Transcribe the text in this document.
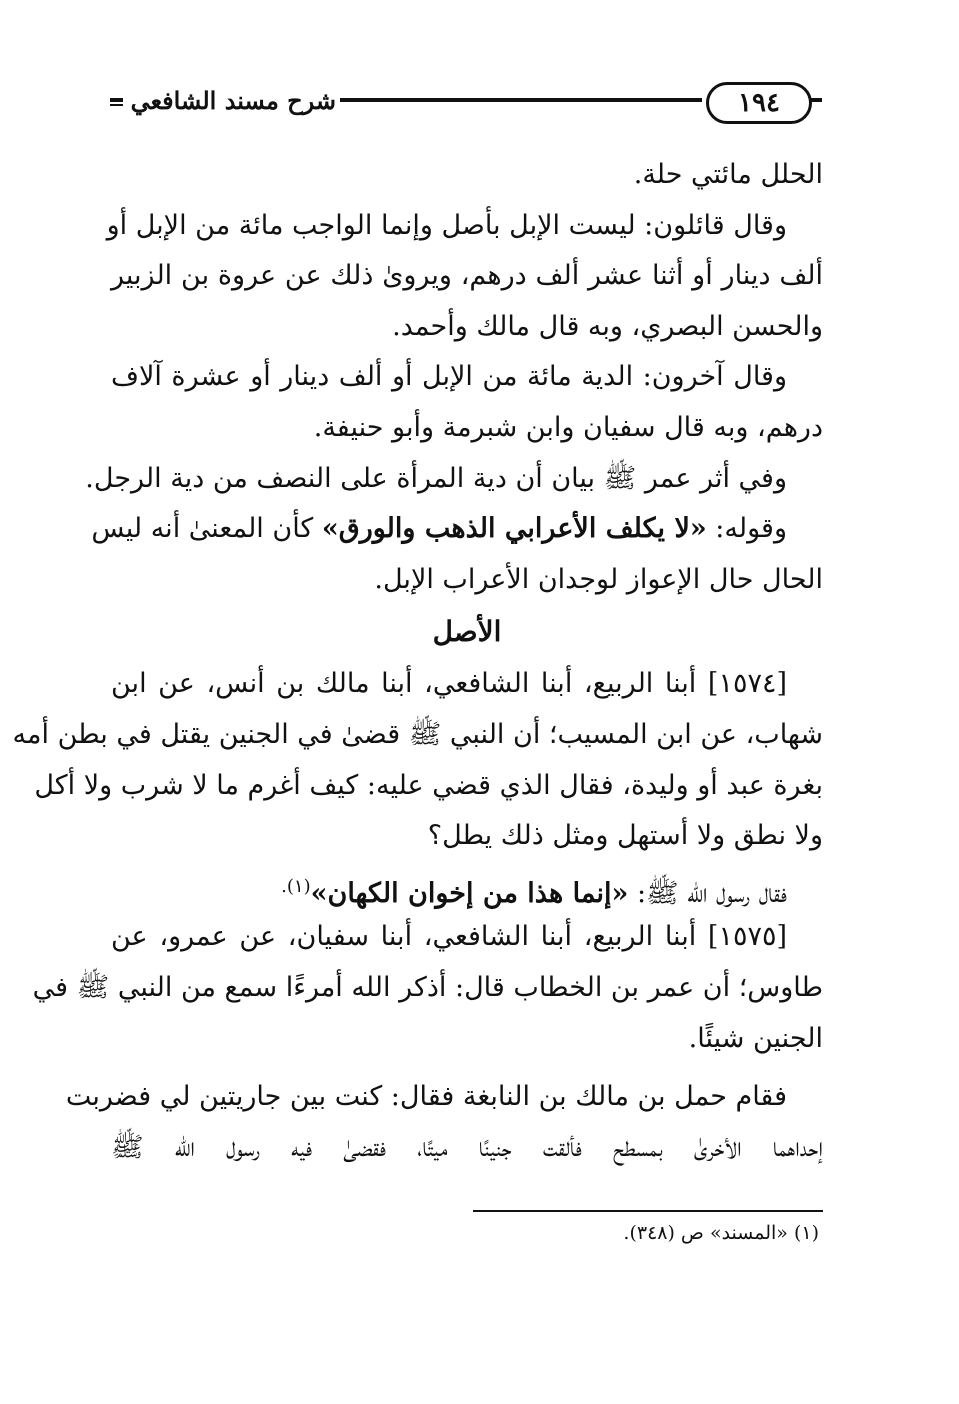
١٩٤
شرح مسند الشافعي
الحلل مائتي حلة.
وقال قائلون: ليست الإبل بأصل وإنما الواجب مائة من الإبل أو
ألف دينار أو أثنا عشر ألف درهم، ويروىٰ ذلك عن عروة بن الزبير
والحسن البصري، وبه قال مالك وأحمد.
وقال آخرون: الدية مائة من الإبل أو ألف دينار أو عشرة آلاف
درهم، وبه قال سفيان وابن شبرمة وأبو حنيفة.
وفي أثر عمر ﷺ بيان أن دية المرأة على النصف من دية الرجل.
وقوله: «لا يكلف الأعرابي الذهب والورق» كأن المعنىٰ أنه ليس
الحال حال الإعواز لوجدان الأعراب الإبل.
الأصل
[١٥٧٤] أبنا الربيع، أبنا الشافعي، أبنا مالك بن أنس، عن ابن
شهاب، عن ابن المسيب؛ أن النبي ﷺ قضىٰ في الجنين يقتل في بطن أمه
بغرة عبد أو وليدة، فقال الذي قضي عليه: كيف أغرم ما لا شرب ولا أكل
ولا نطق ولا أستهل ومثل ذلك يطل؟
فقال رسول الله ﷺ: «إنما هذا من إخوان الكهان»$^{(١).}$
[١٥٧٥] أبنا الربيع، أبنا الشافعي، أبنا سفيان، عن عمرو، عن
طاوس؛ أن عمر بن الخطاب قال: أذكر الله أمرءًا سمع من النبي ﷺ في
الجنين شيئًا.
فقام حمل بن مالك بن النابغة فقال: كنت بين جاريتين لي فضربت
إحداهما الأخرىٰ بمسطح فألقت جنينًا ميتًا، فقضىٰ فيه رسول الله ﷺ
(١) «المسند» ص (٣٤٨).
